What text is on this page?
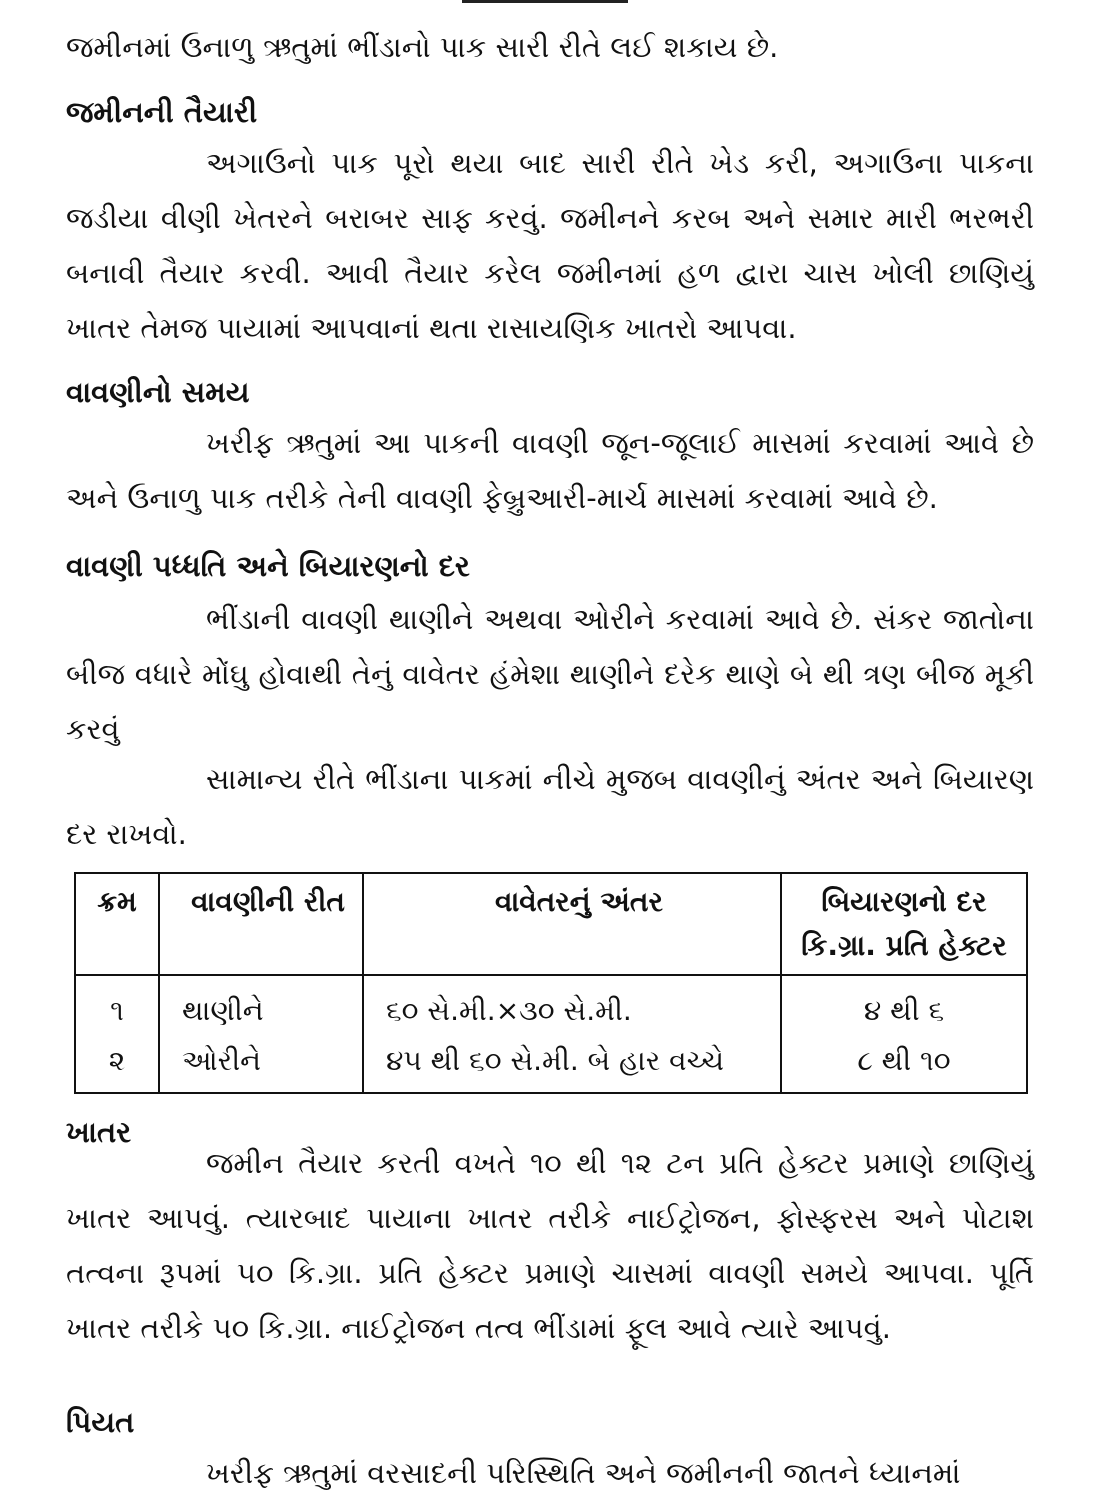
જમીનમાં ઉનાળુ ઋતુમાં ભીંડાનો પાક સારી રીતે લઈ શકાય છે.

જમીનની તૈયારી

અગાઉનો પાક પૂરો થયા બાદ સારી રીતે ખેડ કરી, અગાઉના પાકના જડીયા વીણી ખેતરને બરાબર સાફ કરવું. જમીનને કરબ અને સમાર મારી ભરભરી બનાવી તૈયાર કરવી. આવી તૈયાર કરેલ જમીનમાં હળ દ્વારા ચાસ ખોલી છાણિયું ખાતર તેમજ પાયામાં આપવાનાં થતા રાસાયણિક ખાતરો આપવા.

વાવણીનો સમય

ખરીફ ઋતુમાં આ પાકની વાવણી જૂન-જૂલાઈ માસમાં કરવામાં આવે છે અને ઉનાળુ પાક તરીકે તેની વાવણી ફેબ્રુઆરી-માર્ચ માસમાં કરવામાં આવે છે.

વાવણી પધ્ધતિ અને બિયારણનો દર

ભીંડાની વાવણી થાણીને અથવા ઓરીને કરવામાં આવે છે. સંકર જાતોના બીજ વધારે મોંઘુ હોવાથી તેનું વાવેતર હંમેશા થાણીને દરેક થાણે બે થી ત્રણ બીજ મૂકી કરવું

સામાન્ય રીતે ભીંડાના પાકમાં નીચે મુજબ વાવણીનું અંતર અને બિયારણ દર રાખવો.

ક્રમ	વાવણીની રીત	વાવેતરનું અંતર	બિયારણનો દર કિ.ગ્રા. પ્રતિ હેક્ટર
૧	થાણીને	૬૦ સે.મી.×૩૦ સે.મી.	૪ થી ૬
૨	ઓરીને	૪૫ થી ૬૦ સે.મી. બે હાર વચ્ચે	૮ થી ૧૦
ખાતર

જમીન તૈયાર કરતી વખતે ૧૦ થી ૧૨ ટન પ્રતિ હેક્ટર પ્રમાણે છાણિયું ખાતર આપવું. ત્યારબાદ પાયાના ખાતર તરીકે નાઈટ્રોજન, ફોસ્ફરસ અને પોટાશ તત્વના રૂપમાં ૫૦ કિ.ગ્રા. પ્રતિ હેક્ટર પ્રમાણે ચાસમાં વાવણી સમયે આપવા. પૂર્તિ ખાતર તરીકે ૫૦ કિ.ગ્રા. નાઈટ્રોજન તત્વ ભીંડામાં ફૂલ આવે ત્યારે આપવું.

પિયત

ખરીફ ઋતુમાં વરસાદની પરિસ્થિતિ અને જમીનની જાતને ધ્યાનમાં
